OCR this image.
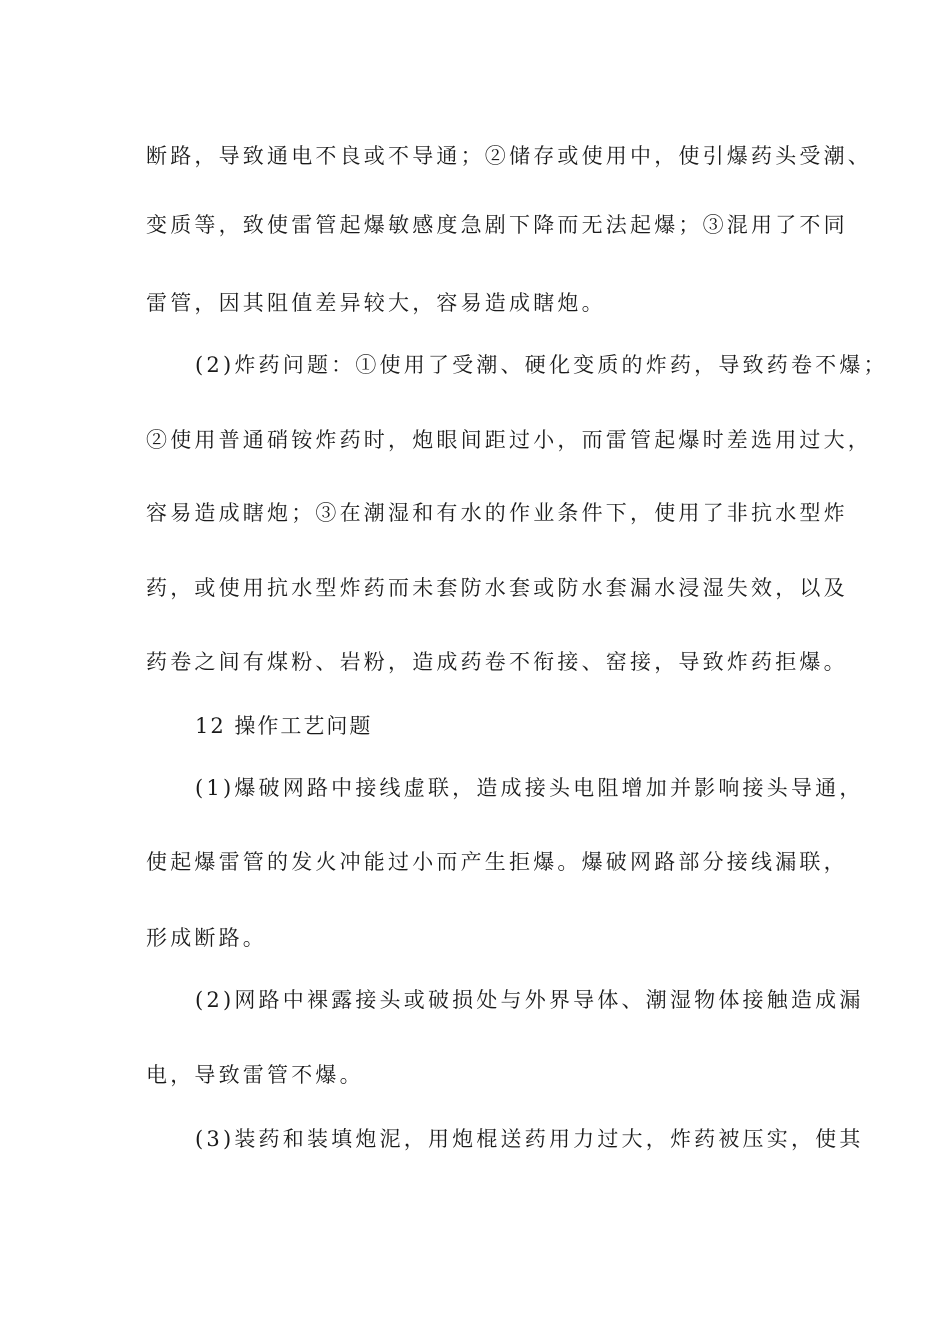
断路，导致通电不良或不导通；②储存或使用中，使引爆药头受潮、
变质等，致使雷管起爆敏感度急剧下降而无法起爆；③混用了不同
雷管，因其阻值差异较大，容易造成瞎炮。
(2)炸药问题：①使用了受潮、硬化变质的炸药，导致药卷不爆；
②使用普通硝铵炸药时，炮眼间距过小，而雷管起爆时差选用过大，
容易造成瞎炮；③在潮湿和有水的作业条件下，使用了非抗水型炸
药，或使用抗水型炸药而未套防水套或防水套漏水浸湿失效，以及
药卷之间有煤粉、岩粉，造成药卷不衔接、窑接，导致炸药拒爆。
12 操作工艺问题
(1)爆破网路中接线虚联，造成接头电阻增加并影响接头导通，
使起爆雷管的发火冲能过小而产生拒爆。爆破网路部分接线漏联，
形成断路。
(2)网路中裸露接头或破损处与外界导体、潮湿物体接触造成漏
电，导致雷管不爆。
(3)装药和装填炮泥，用炮棍送药用力过大，炸药被压实，使其
